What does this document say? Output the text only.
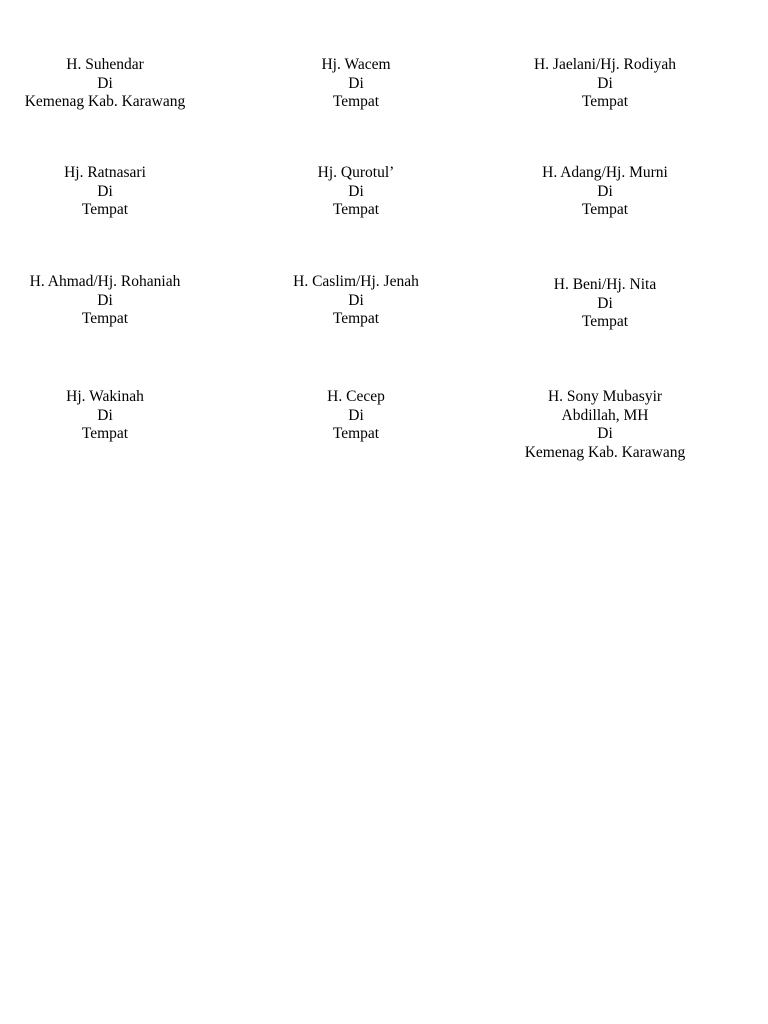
H. Suhendar
Di
Kemenag Kab. Karawang
Hj. Wacem
Di
Tempat
H. Jaelani/Hj. Rodiyah
Di
Tempat
Hj. Ratnasari
Di
Tempat
Hj. Qurotul’
Di
Tempat
H. Adang/Hj. Murni
Di
Tempat
H. Ahmad/Hj. Rohaniah
Di
Tempat
H. Caslim/Hj. Jenah
Di
Tempat
H. Beni/Hj. Nita
Di
Tempat
Hj. Wakinah
Di
Tempat
H. Cecep
Di
Tempat
H. Sony Mubasyir
Abdillah, MH
Di
Kemenag Kab. Karawang
